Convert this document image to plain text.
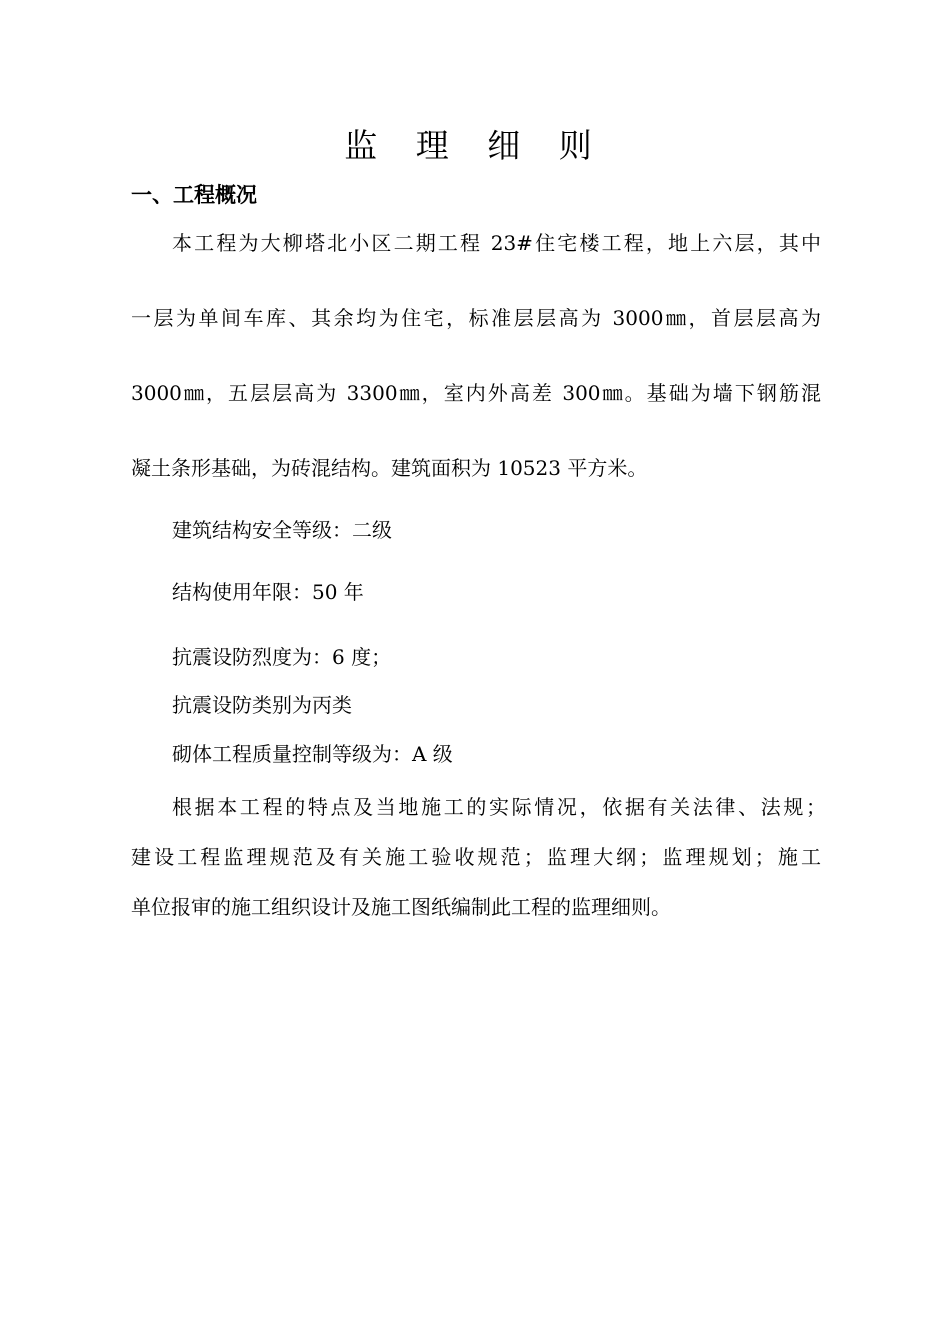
监 理 细 则
一、工程概况
本工程为大柳塔北小区二期工程 23#住宅楼工程，地上六层，其中
一层为单间车库、其余均为住宅，标准层层高为 3000㎜，首层层高为
3000㎜，五层层高为 3300㎜，室内外高差 300㎜。基础为墙下钢筋混
凝土条形基础，为砖混结构。建筑面积为 10523 平方米。
建筑结构安全等级：二级
结构使用年限：50 年
抗震设防烈度为：6 度；
抗震设防类别为丙类
砌体工程质量控制等级为：A 级
根据本工程的特点及当地施工的实际情况，依据有关法律、法规；
建设工程监理规范及有关施工验收规范；监理大纲；监理规划；施工
单位报审的施工组织设计及施工图纸编制此工程的监理细则。
